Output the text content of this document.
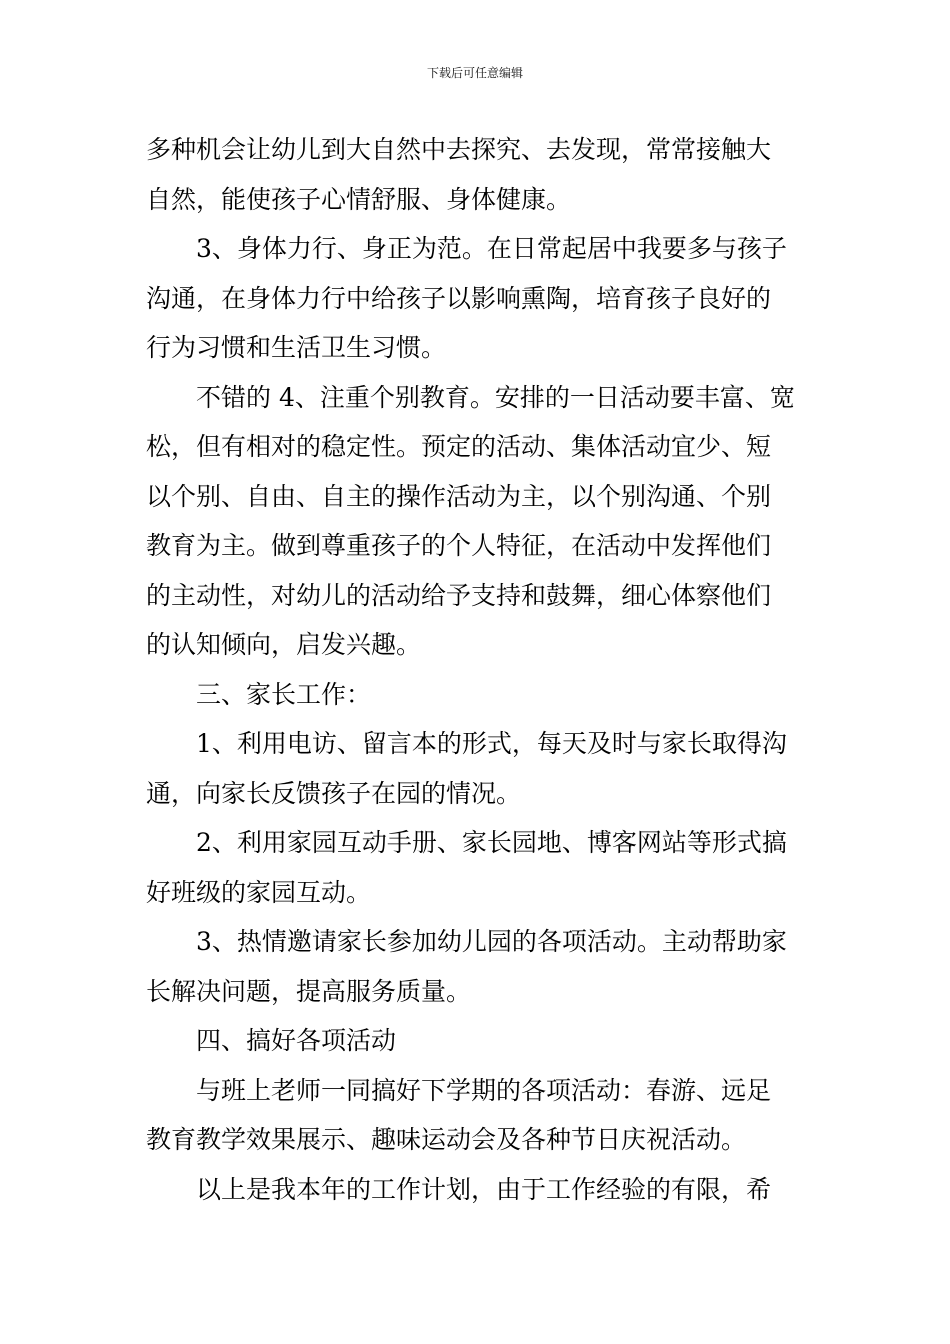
下载后可任意编辑
多种机会让幼儿到大自然中去探究、去发现，常常接触大
自然，能使孩子心情舒服、身体健康。
3、身体力行、身正为范。在日常起居中我要多与孩子
沟通，在身体力行中给孩子以影响熏陶，培育孩子良好的
行为习惯和生活卫生习惯。
不错的 4、注重个别教育。安排的一日活动要丰富、宽
松，但有相对的稳定性。预定的活动、集体活动宜少、短
以个别、自由、自主的操作活动为主，以个别沟通、个别
教育为主。做到尊重孩子的个人特征，在活动中发挥他们
的主动性，对幼儿的活动给予支持和鼓舞，细心体察他们
的认知倾向，启发兴趣。
三、家长工作：
1、利用电访、留言本的形式，每天及时与家长取得沟
通，向家长反馈孩子在园的情况。
2、利用家园互动手册、家长园地、博客网站等形式搞
好班级的家园互动。
3、热情邀请家长参加幼儿园的各项活动。主动帮助家
长解决问题，提高服务质量。
四、搞好各项活动
与班上老师一同搞好下学期的各项活动：春游、远足
教育教学效果展示、趣味运动会及各种节日庆祝活动。
以上是我本年的工作计划，由于工作经验的有限，希
